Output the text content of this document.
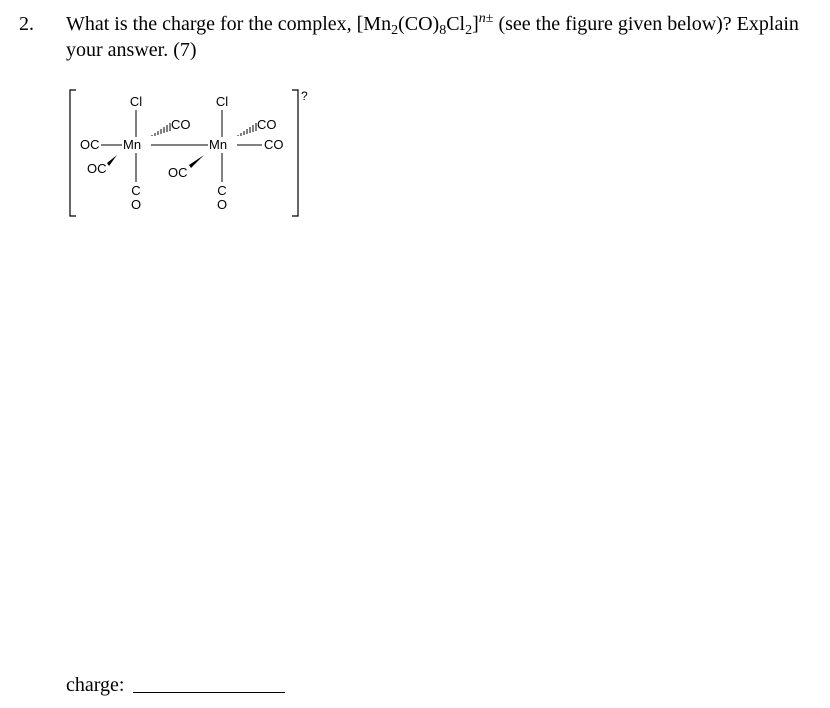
2. What is the charge for the complex, $[Mn_2(CO)_8Cl_2]^{n\pm}$ (see the figure given below)? Explain your answer. (7)
?
Cl
Mn
OC
CO
OC
C
O
Cl
Mn
CO
CO
OC
C
O
charge:
